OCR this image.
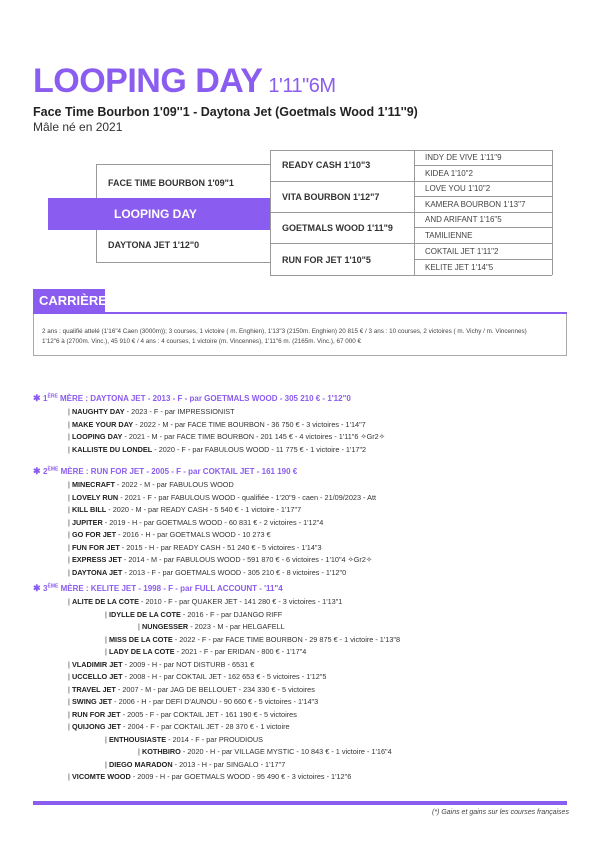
LOOPING DAY 1'11"6M
Face Time Bourbon 1'09''1 - Daytona Jet (Goetmals Wood 1'11''9)
Mâle né en 2021
FACE TIME BOURBON 1'09"1
DAYTONA JET 1'12"0
LOOPING DAY
READY CASH 1'10"3
VITA BOURBON 1'12"7
GOETMALS WOOD 1'11"9
RUN FOR JET 1'10"5
INDY DE VIVE 1'11"9
KIDEA 1'10"2
LOVE YOU 1'10"2
KAMERA BOURBON 1'13"7
AND ARIFANT 1'16"5
TAMILIENNE
COKTAIL JET 1'11"2
KELITE JET 1'14"5
CARRIÈRE
2 ans : qualifié attelé (1'16"4 Caen (3000m)); 3 courses, 1 victoire ( m. Enghien), 1'13"3 (2150m. Enghien) 20 815 € / 3 ans : 10 courses, 2 victoires ( m. Vichy / m. Vincennes)
1'12"6 à (2700m. Vinc.), 45 910 € / 4 ans : 4 courses, 1 victoire (m. Vincennes), 1'11"6 m. (2165m. Vinc.), 67 000 €
✱ 1ÈRE MÈRE : DAYTONA JET - 2013 - F - par GOETMALS WOOD - 305 210 € - 1'12"0
| NAUGHTY DAY - 2023 - F - par IMPRESSIONIST
| MAKE YOUR DAY - 2022 - M - par FACE TIME BOURBON - 36 750 € - 3 victoires - 1'14"7
| LOOPING DAY - 2021 - M - par FACE TIME BOURBON - 201 145 € - 4 victoires - 1'11"6 ✧Gr2✧
| KALLISTE DU LONDEL - 2020 - F - par FABULOUS WOOD - 11 775 € - 1 victoire - 1'17"2
✱ 2ÈME MÈRE : RUN FOR JET - 2005 - F - par COKTAIL JET - 161 190 €
| MINECRAFT - 2022 - M - par FABULOUS WOOD
| LOVELY RUN - 2021 - F - par FABULOUS WOOD - qualifiée - 1'20"9 - caen - 21/09/2023 - Att
| KILL BILL - 2020 - M - par READY CASH - 5 540 € - 1 victoire - 1'17"7
| JUPITER - 2019 - H - par GOETMALS WOOD - 60 831 € - 2 victoires - 1'12"4
| GO FOR JET - 2016 - H - par GOETMALS WOOD - 10 273 €
| FUN FOR JET - 2015 - H - par READY CASH - 51 240 € - 5 victoires - 1'14"3
| EXPRESS JET - 2014 - M - par FABULOUS WOOD - 591 870 € - 6 victoires - 1'10"4 ✧Gr2✧
| DAYTONA JET - 2013 - F - par GOETMALS WOOD - 305 210 € - 8 victoires - 1'12"0
✱ 3ÈME MÈRE : KELITE JET - 1998 - F - par FULL ACCOUNT - '11"4
| ALITE DE LA COTE - 2010 - F - par QUAKER JET - 141 280 € - 3 victoires - 1'13"1
| IDYLLE DE LA COTE - 2016 - F - par DJANGO RIFF
| NUNGESSER - 2023 - M - par HELGAFELL
| MISS DE LA COTE - 2022 - F - par FACE TIME BOURBON - 29 875 € - 1 victoire - 1'13"8
| LADY DE LA COTE - 2021 - F - par ERIDAN - 800 € - 1'17"4
| VLADIMIR JET - 2009 - H - par NOT DISTURB - 6531 €
| UCCELLO JET - 2008 - H - par COKTAIL JET - 162 653 € - 5 victoires - 1'12"5
| TRAVEL JET - 2007 - M - par JAG DE BELLOUET - 234 330 € - 5 victoires
| SWING JET - 2006 - H - par DEFI D'AUNOU - 90 660 € - 5 victoires - 1'14"3
| RUN FOR JET - 2005 - F - par COKTAIL JET - 161 190 € - 5 victoires
| QUIJONG JET - 2004 - F - par COKTAIL JET - 28 370 € - 1 victoire
| ENTHOUSIASTE - 2014 - F - par PROUDIOUS
| KOTHBIRO - 2020 - H - par VILLAGE MYSTIC - 10 843 € - 1 victoire - 1'16"4
| DIEGO MARADON - 2013 - H - par SINGALO - 1'17"7
| VICOMTE WOOD - 2009 - H - par GOETMALS WOOD - 95 490 € - 3 victoires - 1'12"6
(*) Gains et gains sur les courses françaises
